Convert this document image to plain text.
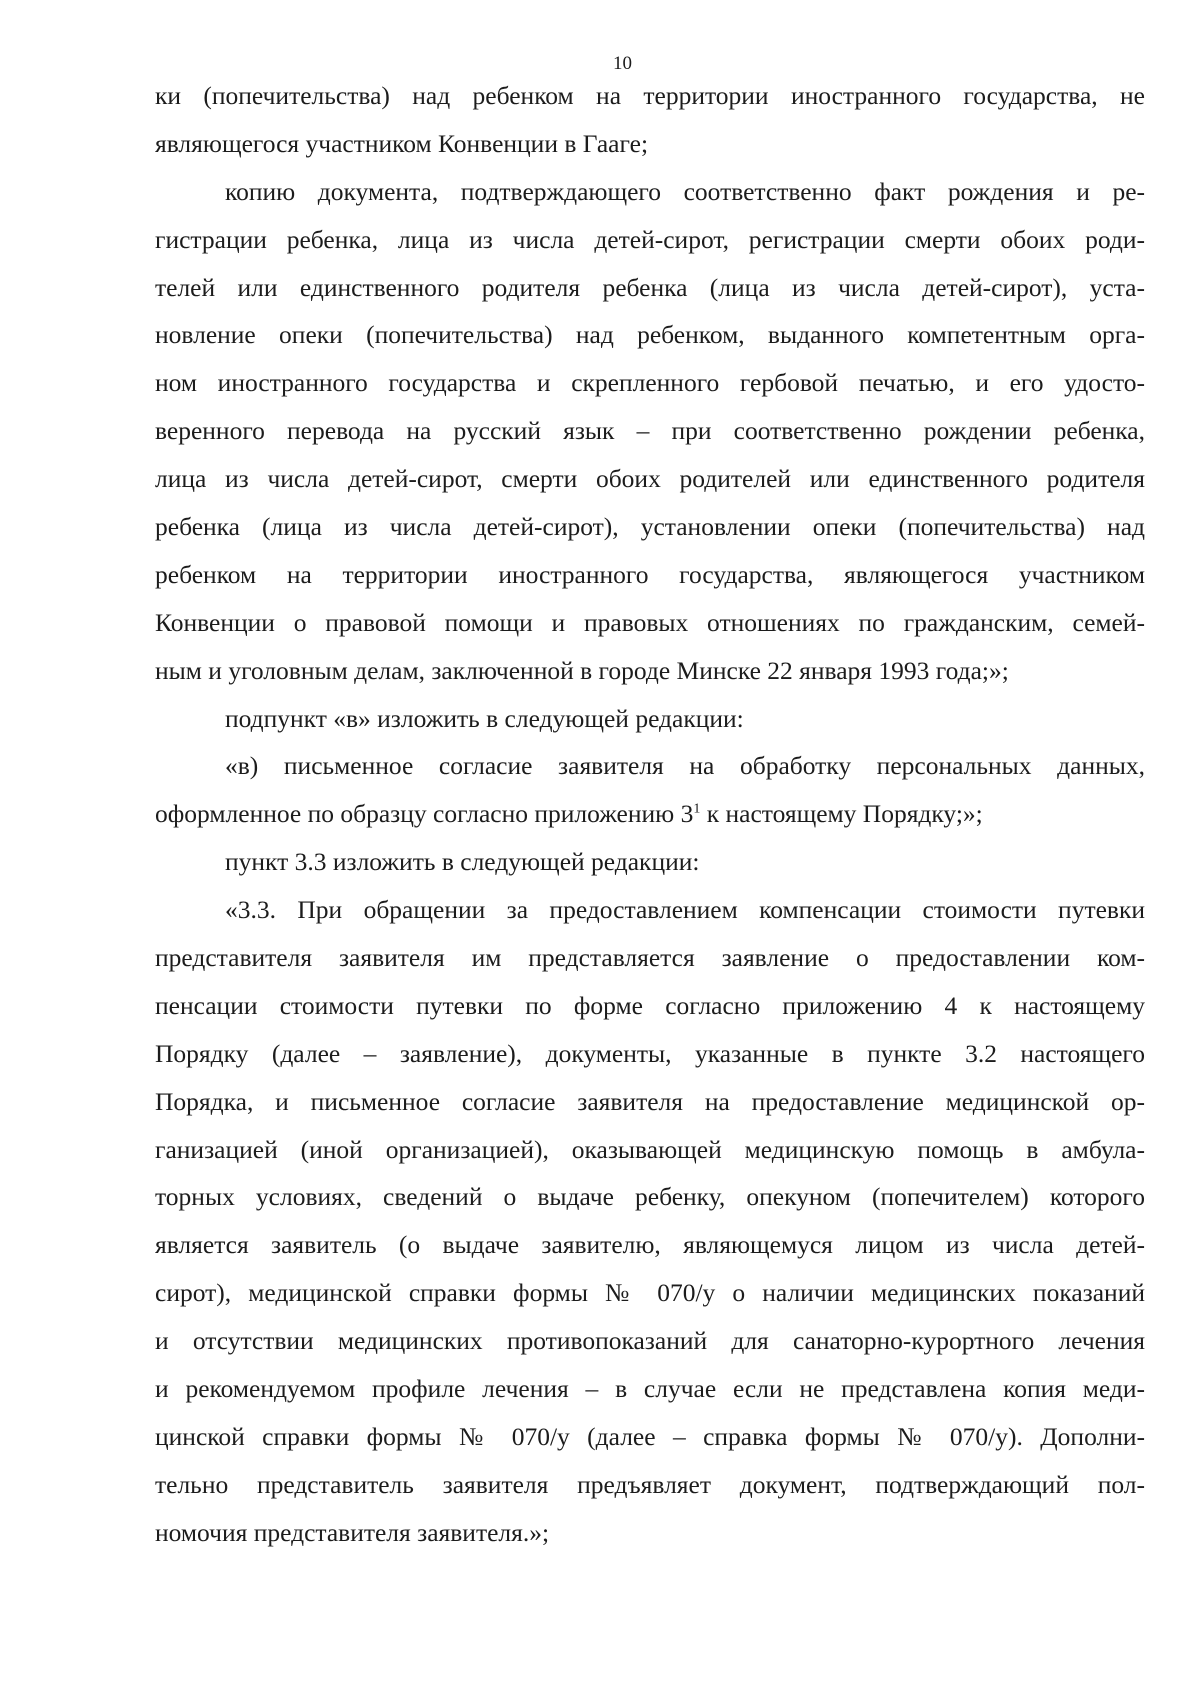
10

ки (попечительства) над ребенком на территории иностранного государства, не
являющегося участником Конвенции в Гааге;
копию документа, подтверждающего соответственно факт рождения и ре-
гистрации ребенка, лица из числа детей-сирот, регистрации смерти обоих роди-
телей или единственного родителя ребенка (лица из числа детей-сирот), уста-
новление опеки (попечительства) над ребенком, выданного компетентным орга-
ном иностранного государства и скрепленного гербовой печатью, и его удосто-
веренного перевода на русский язык – при соответственно рождении ребенка,
лица из числа детей-сирот, смерти обоих родителей или единственного родителя
ребенка (лица из числа детей-сирот), установлении опеки (попечительства) над
ребенком на территории иностранного государства, являющегося участником
Конвенции о правовой помощи и правовых отношениях по гражданским, семей-
ным и уголовным делам, заключенной в городе Минске 22 января 1993 года;»;
подпункт «в» изложить в следующей редакции:
«в) письменное согласие заявителя на обработку персональных данных,
оформленное по образцу согласно приложению $3^1$ к настоящему Порядку;»;
пункт 3.3 изложить в следующей редакции:
«3.3. При обращении за предоставлением компенсации стоимости путевки
представителя заявителя им представляется заявление о предоставлении ком-
пенсации стоимости путевки по форме согласно приложению 4 к настоящему
Порядку (далее – заявление), документы, указанные в пункте 3.2 настоящего
Порядка, и письменное согласие заявителя на предоставление медицинской ор-
ганизацией (иной организацией), оказывающей медицинскую помощь в амбула-
торных условиях, сведений о выдаче ребенку, опекуном (попечителем) которого
является заявитель (о выдаче заявителю, являющемуся лицом из числа детей-
сирот), медицинской справки формы № 070/у о наличии медицинских показаний
и отсутствии медицинских противопоказаний для санаторно-курортного лечения
и рекомендуемом профиле лечения – в случае если не представлена копия меди-
цинской справки формы № 070/у (далее – справка формы № 070/у). Дополни-
тельно представитель заявителя предъявляет документ, подтверждающий пол-
номочия представителя заявителя.»;
